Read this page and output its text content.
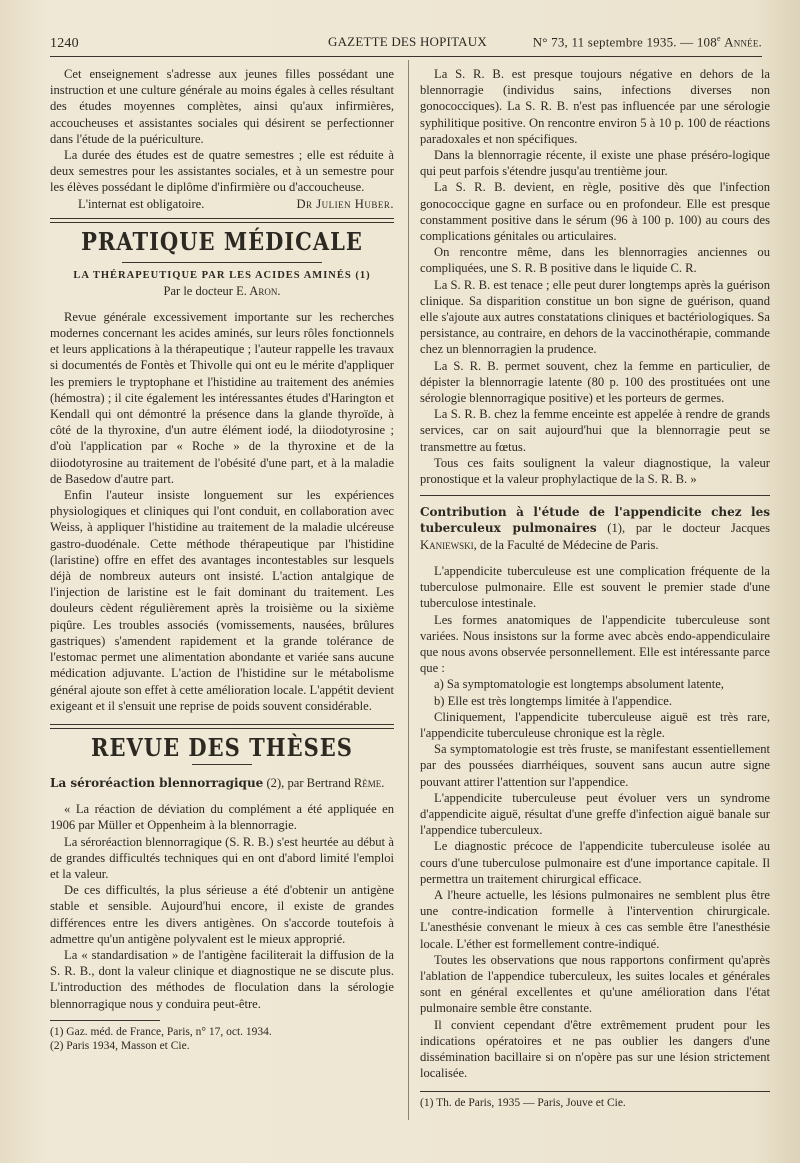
1240	GAZETTE DES HOPITAUX	N° 73, 11 septembre 1935. — 108e Année.

Cet enseignement s'adresse aux jeunes filles possédant une instruction et une culture générale au moins égales à celles résultant des études moyennes complètes, ainsi qu'aux infirmières, accoucheuses et assistantes sociales qui désirent se perfectionner dans l'étude de la puériculture.

La durée des études est de quatre semestres ; elle est réduite à deux semestres pour les assistantes sociales, et à un semestre pour les élèves possédant le diplôme d'infirmière ou d'accoucheuse.

L'internat est obligatoire.	Dr Julien Huber.
PRATIQUE MÉDICALE
LA THÉRAPEUTIQUE PAR LES ACIDES AMINÉS (1)
Par le docteur E. Aron.

Revue générale excessivement importante sur les recherches modernes concernant les acides aminés, sur leurs rôles fonctionnels et leurs applications à la thérapeutique ; l'auteur rappelle les travaux si documentés de Fontès et Thivolle qui ont eu le mérite d'appliquer les premiers le tryptophane et l'histidine au traitement des anémies (hémostra) ; il cite également les intéressantes études d'Harington et Kendall qui ont démontré la présence dans la glande thyroïde, à côté de la thyroxine, d'un autre élément iodé, la diiodotyrosine ; d'où l'application par « Roche » de la thyroxine et de la diiodotyrosine au traitement de l'obésité d'une part, et à la maladie de Basedow d'autre part.

Enfin l'auteur insiste longuement sur les expériences physiologiques et cliniques qui l'ont conduit, en collaboration avec Weiss, à appliquer l'histidine au traitement de la maladie ulcéreuse gastro-duodénale. Cette méthode thérapeutique par l'histidine (laristine) offre en effet des avantages incontestables sur lesquels déjà de nombreux auteurs ont insisté. L'action antalgique de l'injection de laristine est le fait dominant du traitement. Les douleurs cèdent régulièrement après la troisième ou la sixième piqûre. Les troubles associés (vomissements, nausées, brûlures gastriques) s'amendent rapidement et la grande tolérance de l'estomac permet une alimentation abondante et variée sans aucune médication adjuvante. L'action de l'histidine sur le métabolisme général ajoute son effet à cette amélioration locale. L'appétit devient exigeant et il s'ensuit une reprise de poids souvent considérable.

REVUE DES THÈSES
La séroréaction blennorragique (2), par Bertrand Rème.

« La réaction de déviation du complément a été appliquée en 1906 par Müller et Oppenheim à la blennorragie.

La séroréaction blennorragique (S. R. B.) s'est heurtée au début à de grandes difficultés techniques qui en ont d'abord limité l'emploi et la valeur.

De ces difficultés, la plus sérieuse a été d'obtenir un antigène stable et sensible. Aujourd'hui encore, il existe de grandes différences entre les divers antigènes. On s'accorde toutefois à admettre qu'un antigène polyvalent est le mieux approprié.

La « standardisation » de l'antigène faciliterait la diffusion de la S. R. B., dont la valeur clinique et diagnostique ne se discute plus. L'introduction des méthodes de floculation dans la sérologie blennorragique nous y conduira peut-être.

(1) Gaz. méd. de France, Paris, n° 17, oct. 1934.

(2) Paris 1934, Masson et Cie.

La S. R. B. est presque toujours négative en dehors de la blennorragie (individus sains, infections diverses non gonococciques). La S. R. B. n'est pas influencée par une sérologie syphilitique positive. On rencontre environ 5 à 10 p. 100 de réactions paradoxales et non spécifiques.

Dans la blennorragie récente, il existe une phase préséro-logique qui peut parfois s'étendre jusqu'au trentième jour.

La S. R. B. devient, en règle, positive dès que l'infection gonococcique gagne en surface ou en profondeur. Elle est presque constamment positive dans le sérum (96 à 100 p. 100) au cours des complications génitales ou articulaires.

On rencontre même, dans les blennorragies anciennes ou compliquées, une S. R. B positive dans le liquide C. R.

La S. R. B. est tenace ; elle peut durer longtemps après la guérison clinique. Sa disparition constitue un bon signe de guérison, quand elle s'ajoute aux autres constatations cliniques et bactériologiques. Sa persistance, au contraire, en dehors de la vaccinothérapie, commande chez un blennorragien la prudence.

La S. R. B. permet souvent, chez la femme en particulier, de dépister la blennorragie latente (80 p. 100 des prostituées ont une sérologie blennorragique positive) et les porteurs de germes.

La S. R. B. chez la femme enceinte est appelée à rendre de grands services, car on sait aujourd'hui que la blennorragie peut se transmettre au fœtus.

Tous ces faits soulignent la valeur diagnostique, la valeur pronostique et la valeur prophylactique de la S. R. B. »

Contribution à l'étude de l'appendicite chez les tuberculeux pulmonaires (1), par le docteur Jacques Kaniewski, de la Faculté de Médecine de Paris.

L'appendicite tuberculeuse est une complication fréquente de la tuberculose pulmonaire. Elle est souvent le premier stade d'une tuberculose intestinale.

Les formes anatomiques de l'appendicite tuberculeuse sont variées. Nous insistons sur la forme avec abcès endo-appendiculaire que nous avons observée personnellement. Elle est intéressante parce que :

a) Sa symptomatologie est longtemps absolument latente,

b) Elle est très longtemps limitée à l'appendice.

Cliniquement, l'appendicite tuberculeuse aiguë est très rare, l'appendicite tuberculeuse chronique est la règle.

Sa symptomatologie est très fruste, se manifestant essentiellement par des poussées diarrhéiques, souvent sans aucun autre signe pouvant attirer l'attention sur l'appendice.

L'appendicite tuberculeuse peut évoluer vers un syndrome d'appendicite aiguë, résultat d'une greffe d'infection aiguë banale sur l'appendice tuberculeux.

Le diagnostic précoce de l'appendicite tuberculeuse isolée au cours d'une tuberculose pulmonaire est d'une importance capitale. Il permettra un traitement chirurgical efficace.

A l'heure actuelle, les lésions pulmonaires ne semblent plus être une contre-indication formelle à l'intervention chirurgicale. L'anesthésie convenant le mieux à ces cas semble être l'anesthésie locale. L'éther est formellement contre-indiqué.

Toutes les observations que nous rapportons confirment qu'après l'ablation de l'appendice tuberculeux, les suites locales et générales sont en général excellentes et qu'une amélioration dans l'état pulmonaire semble être constante.

Il convient cependant d'être extrêmement prudent pour les indications opératoires et ne pas oublier les dangers d'une dissémination bacillaire si on n'opère pas sur une lésion strictement localisée.

(1) Th. de Paris, 1935 — Paris, Jouve et Cie.
